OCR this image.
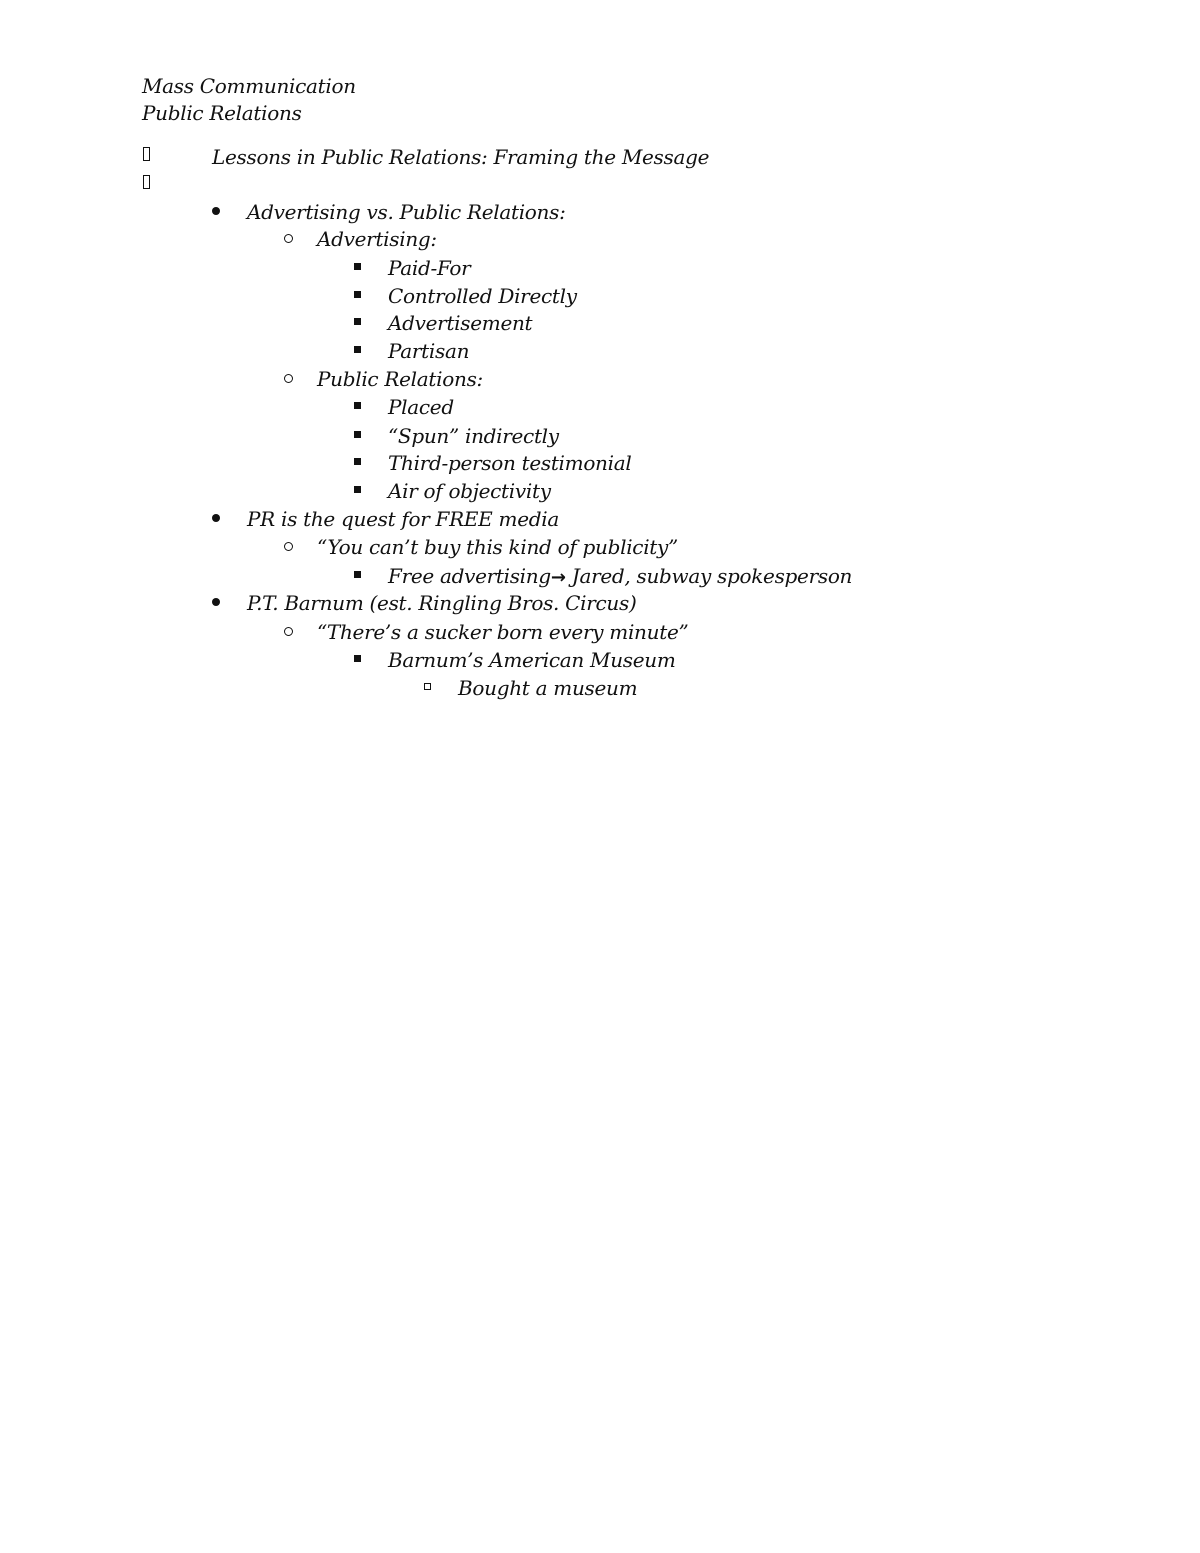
Mass Communication
Public Relations
Lessons in Public Relations: Framing the Message
Advertising vs. Public Relations:
Advertising:
Paid-For
Controlled Directly
Advertisement
Partisan
Public Relations:
Placed
“Spun” indirectly
Third-person testimonial
Air of objectivity
PR is the quest for FREE media
“You can’t buy this kind of publicity”
Free advertising→ Jared, subway spokesperson
P.T. Barnum (est. Ringling Bros. Circus)
“There’s a sucker born every minute”
Barnum’s American Museum
Bought a museum
